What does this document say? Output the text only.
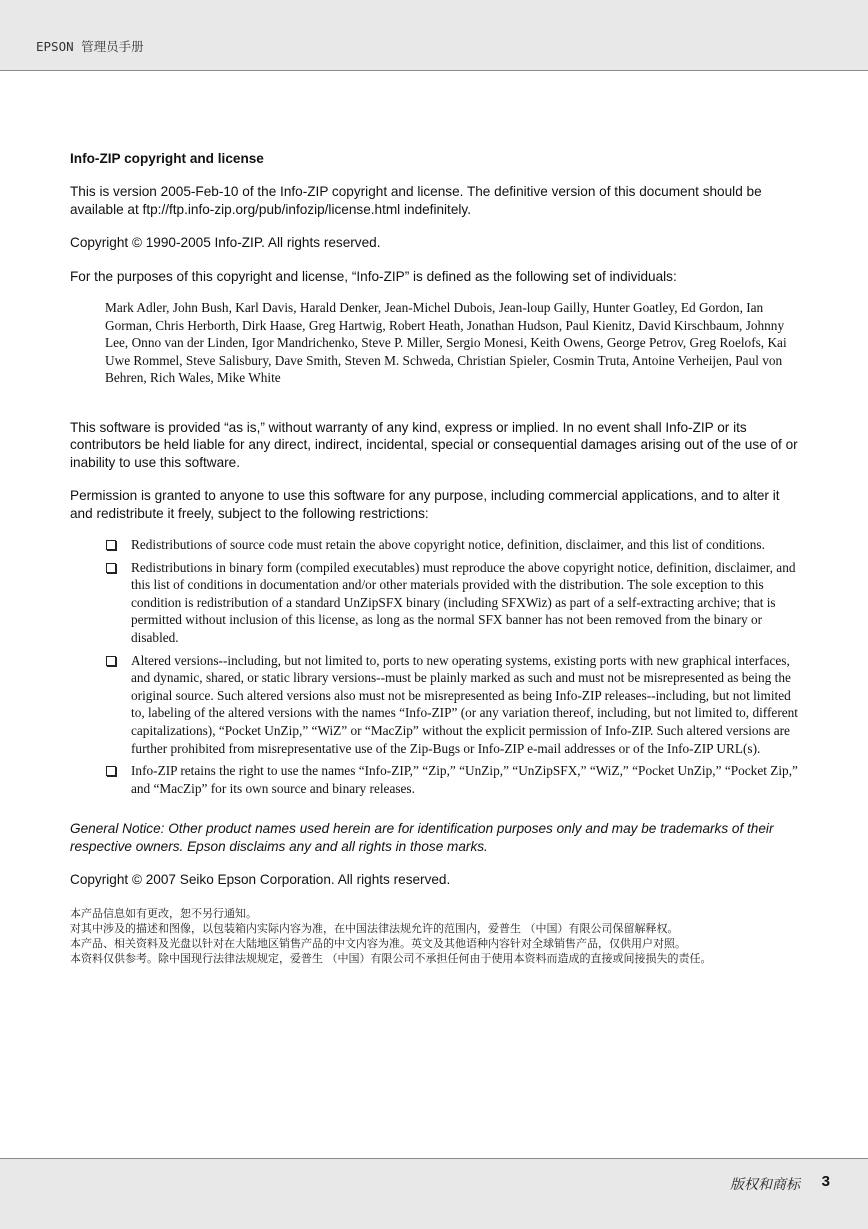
EPSON 管理员手册

Info-ZIP copyright and license

This is version 2005-Feb-10 of the Info-ZIP copyright and license. The definitive version of this document should be available at ftp://ftp.info-zip.org/pub/infozip/license.html indefinitely.

Copyright © 1990-2005 Info-ZIP. All rights reserved.

For the purposes of this copyright and license, “Info-ZIP” is defined as the following set of individuals:

Mark Adler, John Bush, Karl Davis, Harald Denker, Jean-Michel Dubois, Jean-loup Gailly, Hunter Goatley, Ed Gordon, Ian Gorman, Chris Herborth, Dirk Haase, Greg Hartwig, Robert Heath, Jonathan Hudson, Paul Kienitz, David Kirschbaum, Johnny Lee, Onno van der Linden, Igor Mandrichenko, Steve P. Miller, Sergio Monesi, Keith Owens, George Petrov, Greg Roelofs, Kai Uwe Rommel, Steve Salisbury, Dave Smith, Steven M. Schweda, Christian Spieler, Cosmin Truta, Antoine Verheijen, Paul von Behren, Rich Wales, Mike White

This software is provided “as is,” without warranty of any kind, express or implied. In no event shall Info-ZIP or its contributors be held liable for any direct, indirect, incidental, special or consequential damages arising out of the use of or inability to use this software.

Permission is granted to anyone to use this software for any purpose, including commercial applications, and to alter it and redistribute it freely, subject to the following restrictions:

Redistributions of source code must retain the above copyright notice, definition, disclaimer, and this list of conditions.
Redistributions in binary form (compiled executables) must reproduce the above copyright notice, definition, disclaimer, and this list of conditions in documentation and/or other materials provided with the distribution. The sole exception to this condition is redistribution of a standard UnZipSFX binary (including SFXWiz) as part of a self-extracting archive; that is permitted without inclusion of this license, as long as the normal SFX banner has not been removed from the binary or disabled.
Altered versions--including, but not limited to, ports to new operating systems, existing ports with new graphical interfaces, and dynamic, shared, or static library versions--must be plainly marked as such and must not be misrepresented as being the original source. Such altered versions also must not be misrepresented as being Info-ZIP releases--including, but not limited to, labeling of the altered versions with the names “Info-ZIP” (or any variation thereof, including, but not limited to, different capitalizations), “Pocket UnZip,” “WiZ” or “MacZip” without the explicit permission of Info-ZIP. Such altered versions are further prohibited from misrepresentative use of the Zip-Bugs or Info-ZIP e-mail addresses or of the Info-ZIP URL(s).
Info-ZIP retains the right to use the names “Info-ZIP,” “Zip,” “UnZip,” “UnZipSFX,” “WiZ,” “Pocket UnZip,” “Pocket Zip,” and “MacZip” for its own source and binary releases.

General Notice: Other product names used herein are for identification purposes only and may be trademarks of their respective owners. Epson disclaims any and all rights in those marks.

Copyright © 2007 Seiko Epson Corporation. All rights reserved.

本产品信息如有更改，恕不另行通知。

对其中涉及的描述和图像，以包装箱内实际内容为准，在中国法律法规允许的范围内，爱普生 （中国）有限公司保留解释权。

本产品、相关资料及光盘以针对在大陆地区销售产品的中文内容为准。英文及其他语种内容针对全球销售产品，仅供用户对照。

本资料仅供参考。除中国现行法律法规规定，爱普生 （中国）有限公司不承担任何由于使用本资料而造成的直接或间接损失的责任。

版权和商标 3
